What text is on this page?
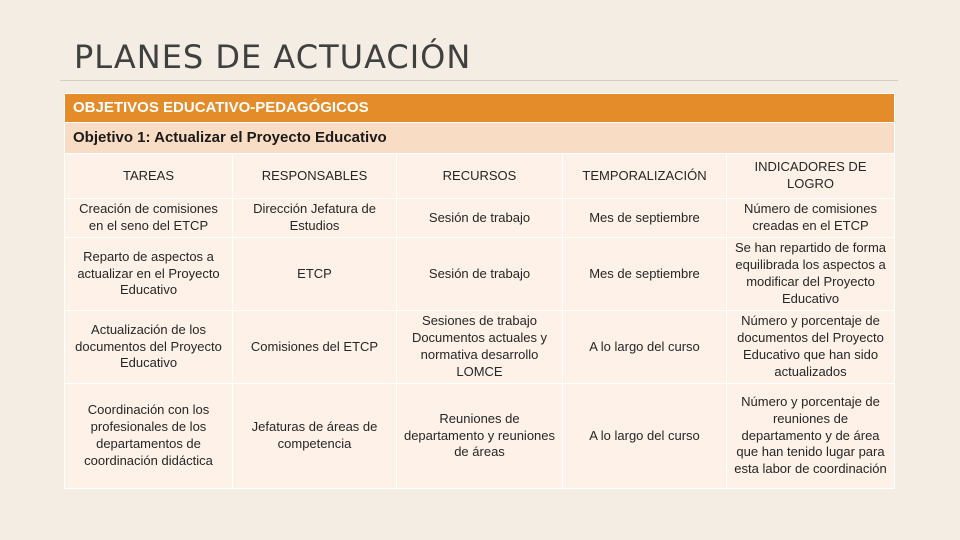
PLANES DE ACTUACIÓN
OBJETIVOS EDUCATIVO-PEDAGÓGICOS				
Objetivo 1: Actualizar el Proyecto Educativo				
TAREAS	RESPONSABLES	RECURSOS	TEMPORALIZACIÓN	INDICADORES DE LOGRO
Creación de comisiones en el seno del ETCP	Dirección Jefatura de Estudios	Sesión de trabajo	Mes de septiembre	Número de comisiones creadas en el ETCP
Reparto de aspectos a actualizar en el Proyecto Educativo	ETCP	Sesión de trabajo	Mes de septiembre	Se han repartido de forma equilibrada los aspectos a modificar del Proyecto Educativo
Actualización de los documentos del Proyecto Educativo	Comisiones del ETCP	Sesiones de trabajo Documentos actuales y normativa desarrollo LOMCE	A lo largo del curso	Número y porcentaje de documentos del Proyecto Educativo que han sido actualizados
Coordinación con los profesionales de los departamentos de coordinación didáctica	Jefaturas de áreas de competencia	Reuniones de departamento y reuniones de áreas	A lo largo del curso	Número y porcentaje de reuniones de departamento y de área que han tenido lugar para esta labor de coordinación
